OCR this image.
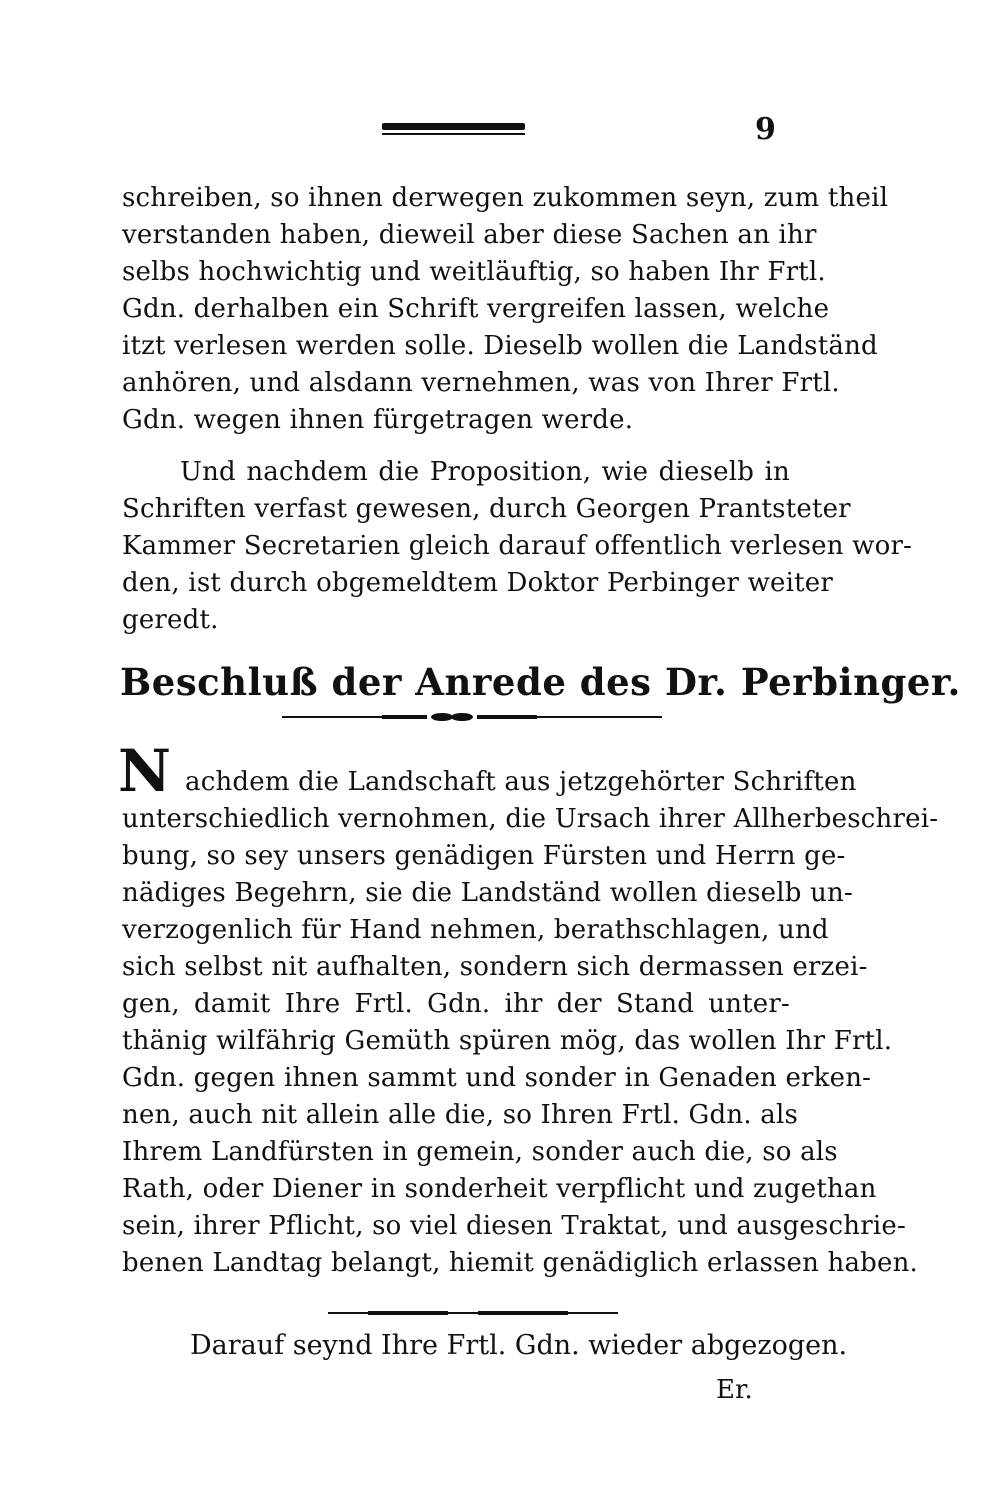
9
schreiben, so ihnen derwegen zukommen seyn, zum theil
verstanden haben, dieweil aber diese Sachen an ihr
selbs hochwichtig und weitläuftig, so haben Ihr Frtl.
Gdn. derhalben ein Schrift vergreifen lassen, welche
itzt verlesen werden solle. Dieselb wollen die Landständ
anhören, und alsdann vernehmen, was von Ihrer Frtl.
Gdn. wegen ihnen fürgetragen werde.
Und nachdem die Proposition, wie dieselb in
Schriften verfast gewesen, durch Georgen Prantsteter
Kammer Secretarien gleich darauf offentlich verlesen wor-
den, ist durch obgemeldtem Doktor Perbinger weiter
geredt.
Beschluß der Anrede des Dr. Perbinger.
N achdem die Landschaft aus jetzgehörter Schriften
unterschiedlich vernohmen, die Ursach ihrer Allherbeschrei-
bung, so sey unsers genädigen Fürsten und Herrn ge-
nädiges Begehrn, sie die Landständ wollen dieselb un-
verzogenlich für Hand nehmen, berathschlagen, und
sich selbst nit aufhalten, sondern sich dermassen erzei-
gen, damit Ihre Frtl. Gdn. ihr der Stand unter-
thänig wilfährig Gemüth spüren mög, das wollen Ihr Frtl.
Gdn. gegen ihnen sammt und sonder in Genaden erken-
nen, auch nit allein alle die, so Ihren Frtl. Gdn. als
Ihrem Landfürsten in gemein, sonder auch die, so als
Rath, oder Diener in sonderheit verpflicht und zugethan
sein, ihrer Pflicht, so viel diesen Traktat, und ausgeschrie-
benen Landtag belangt, hiemit genädiglich erlassen haben.
Darauf seynd Ihre Frtl. Gdn. wieder abgezogen.
Er.
